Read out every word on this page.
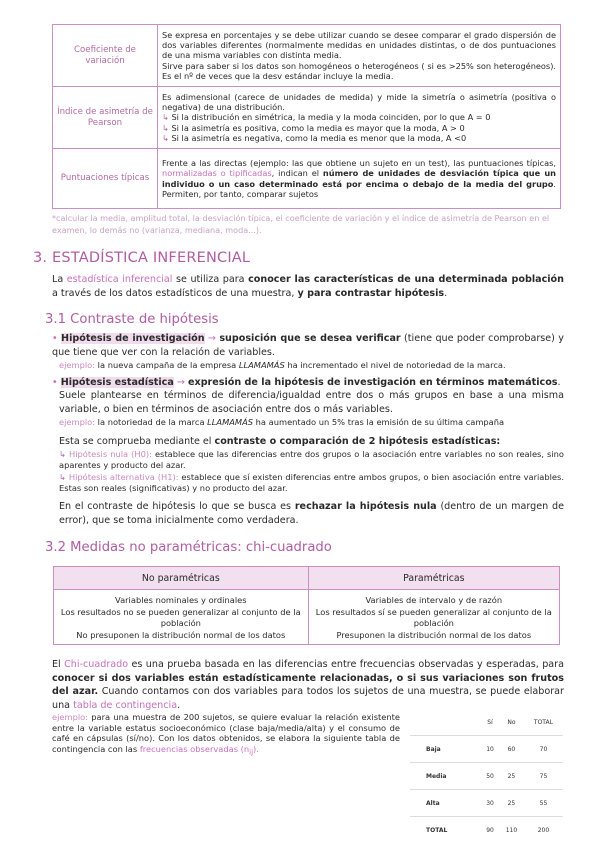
Coeficiente de variación	Se expresa en porcentajes y se debe utilizar cuando se desee comparar el grado dispersión de dos variables diferentes (normalmente medidas en unidades distintas, o de dos puntuaciones de una misma variables con distinta media.
Sirve para saber si los datos son homogéneos o heterogéneos ( si es >25% son heterogéneos). Es el nº de veces que la desv estándar incluye la media.
Índice de asimetría de Pearson	Es adimensional (carece de unidades de medida) y mide la simetría o asimetría (positiva o negativa) de una distribución.
↳ Si la distribución en simétrica, la media y la moda coinciden, por lo que A = 0
↳ Si la asimetría es positiva, como la media es mayor que la moda, A > 0
↳ Si la asimetría es negativa, como la media es menor que la moda, A <0
Puntuaciones típicas	Frente a las directas (ejemplo: las que obtiene un sujeto en un test), las puntuaciones típicas, normalizadas o tipificadas, indican el número de unidades de desviación típica que un individuo o un caso determinado está por encima o debajo de la media del grupo. Permiten, por tanto, comparar sujetos
*calcular la media, amplitud total, la desviación típica, el coeficiente de variación y el índice de asimetría de Pearson en el examen, lo demás no (varianza, mediana, moda...).
3. ESTADÍSTICA INFERENCIAL
La estadística inferencial se utiliza para conocer las características de una determinada población a través de los datos estadísticos de una muestra, y para contrastar hipótesis.
3.1 Contraste de hipótesis
• Hipótesis de investigación → suposición que se desea verificar (tiene que poder comprobarse) y que tiene que ver con la relación de variables.
ejemplo: la nueva campaña de la empresa LLAMAMÁS ha incrementado el nivel de notoriedad de la marca.
• Hipótesis estadística → expresión de la hipótesis de investigación en términos matemáticos.
Suele plantearse en términos de diferencia/igualdad entre dos o más grupos en base a una misma variable, o bien en términos de asociación entre dos o más variables.
ejemplo: la notoriedad de la marca LLAMAMÁS ha aumentado un 5% tras la emisión de su última campaña
Esta se comprueba mediante el contraste o comparación de 2 hipótesis estadísticas:
↳ Hipótesis nula (H0): establece que las diferencias entre dos grupos o la asociación entre variables no son reales, sino aparentes y producto del azar.
↳ Hipótesis alternativa (H1): establece que sí existen diferencias entre ambos grupos, o bien asociación entre variables. Estas son reales (significativas) y no producto del azar.
En el contraste de hipótesis lo que se busca es rechazar la hipótesis nula (dentro de un margen de error), que se toma inicialmente como verdadera.
3.2 Medidas no paramétricas: chi-cuadrado
No paramétricas	Paramétricas
Variables nominales y ordinales	Variables de intervalo y de razón
Los resultados no se pueden generalizar al conjunto de la población	Los resultados sí se pueden generalizar al conjunto de la población
No presuponen la distribución normal de los datos	Presuponen la distribución normal de los datos
El Chi-cuadrado es una prueba basada en las diferencias entre frecuencias observadas y esperadas, para conocer si dos variables están estadísticamente relacionadas, o si sus variaciones son frutos del azar. Cuando contamos con dos variables para todos los sujetos de una muestra, se puede elaborar una tabla de contingencia.
ejemplo: para una muestra de 200 sujetos, se quiere evaluar la relación existente entre la variable estatus socioeconómico (clase baja/media/alta) y el consumo de café en cápsulas (sí/no). Con los datos obtenidos, se elabora la siguiente tabla de contingencia con las frecuencias observadas $(n_{ij})$.
	Sí	No	TOTAL
Baja	10	60	70
Media	50	25	75
Alta	30	25	55
TOTAL	90	110	200
